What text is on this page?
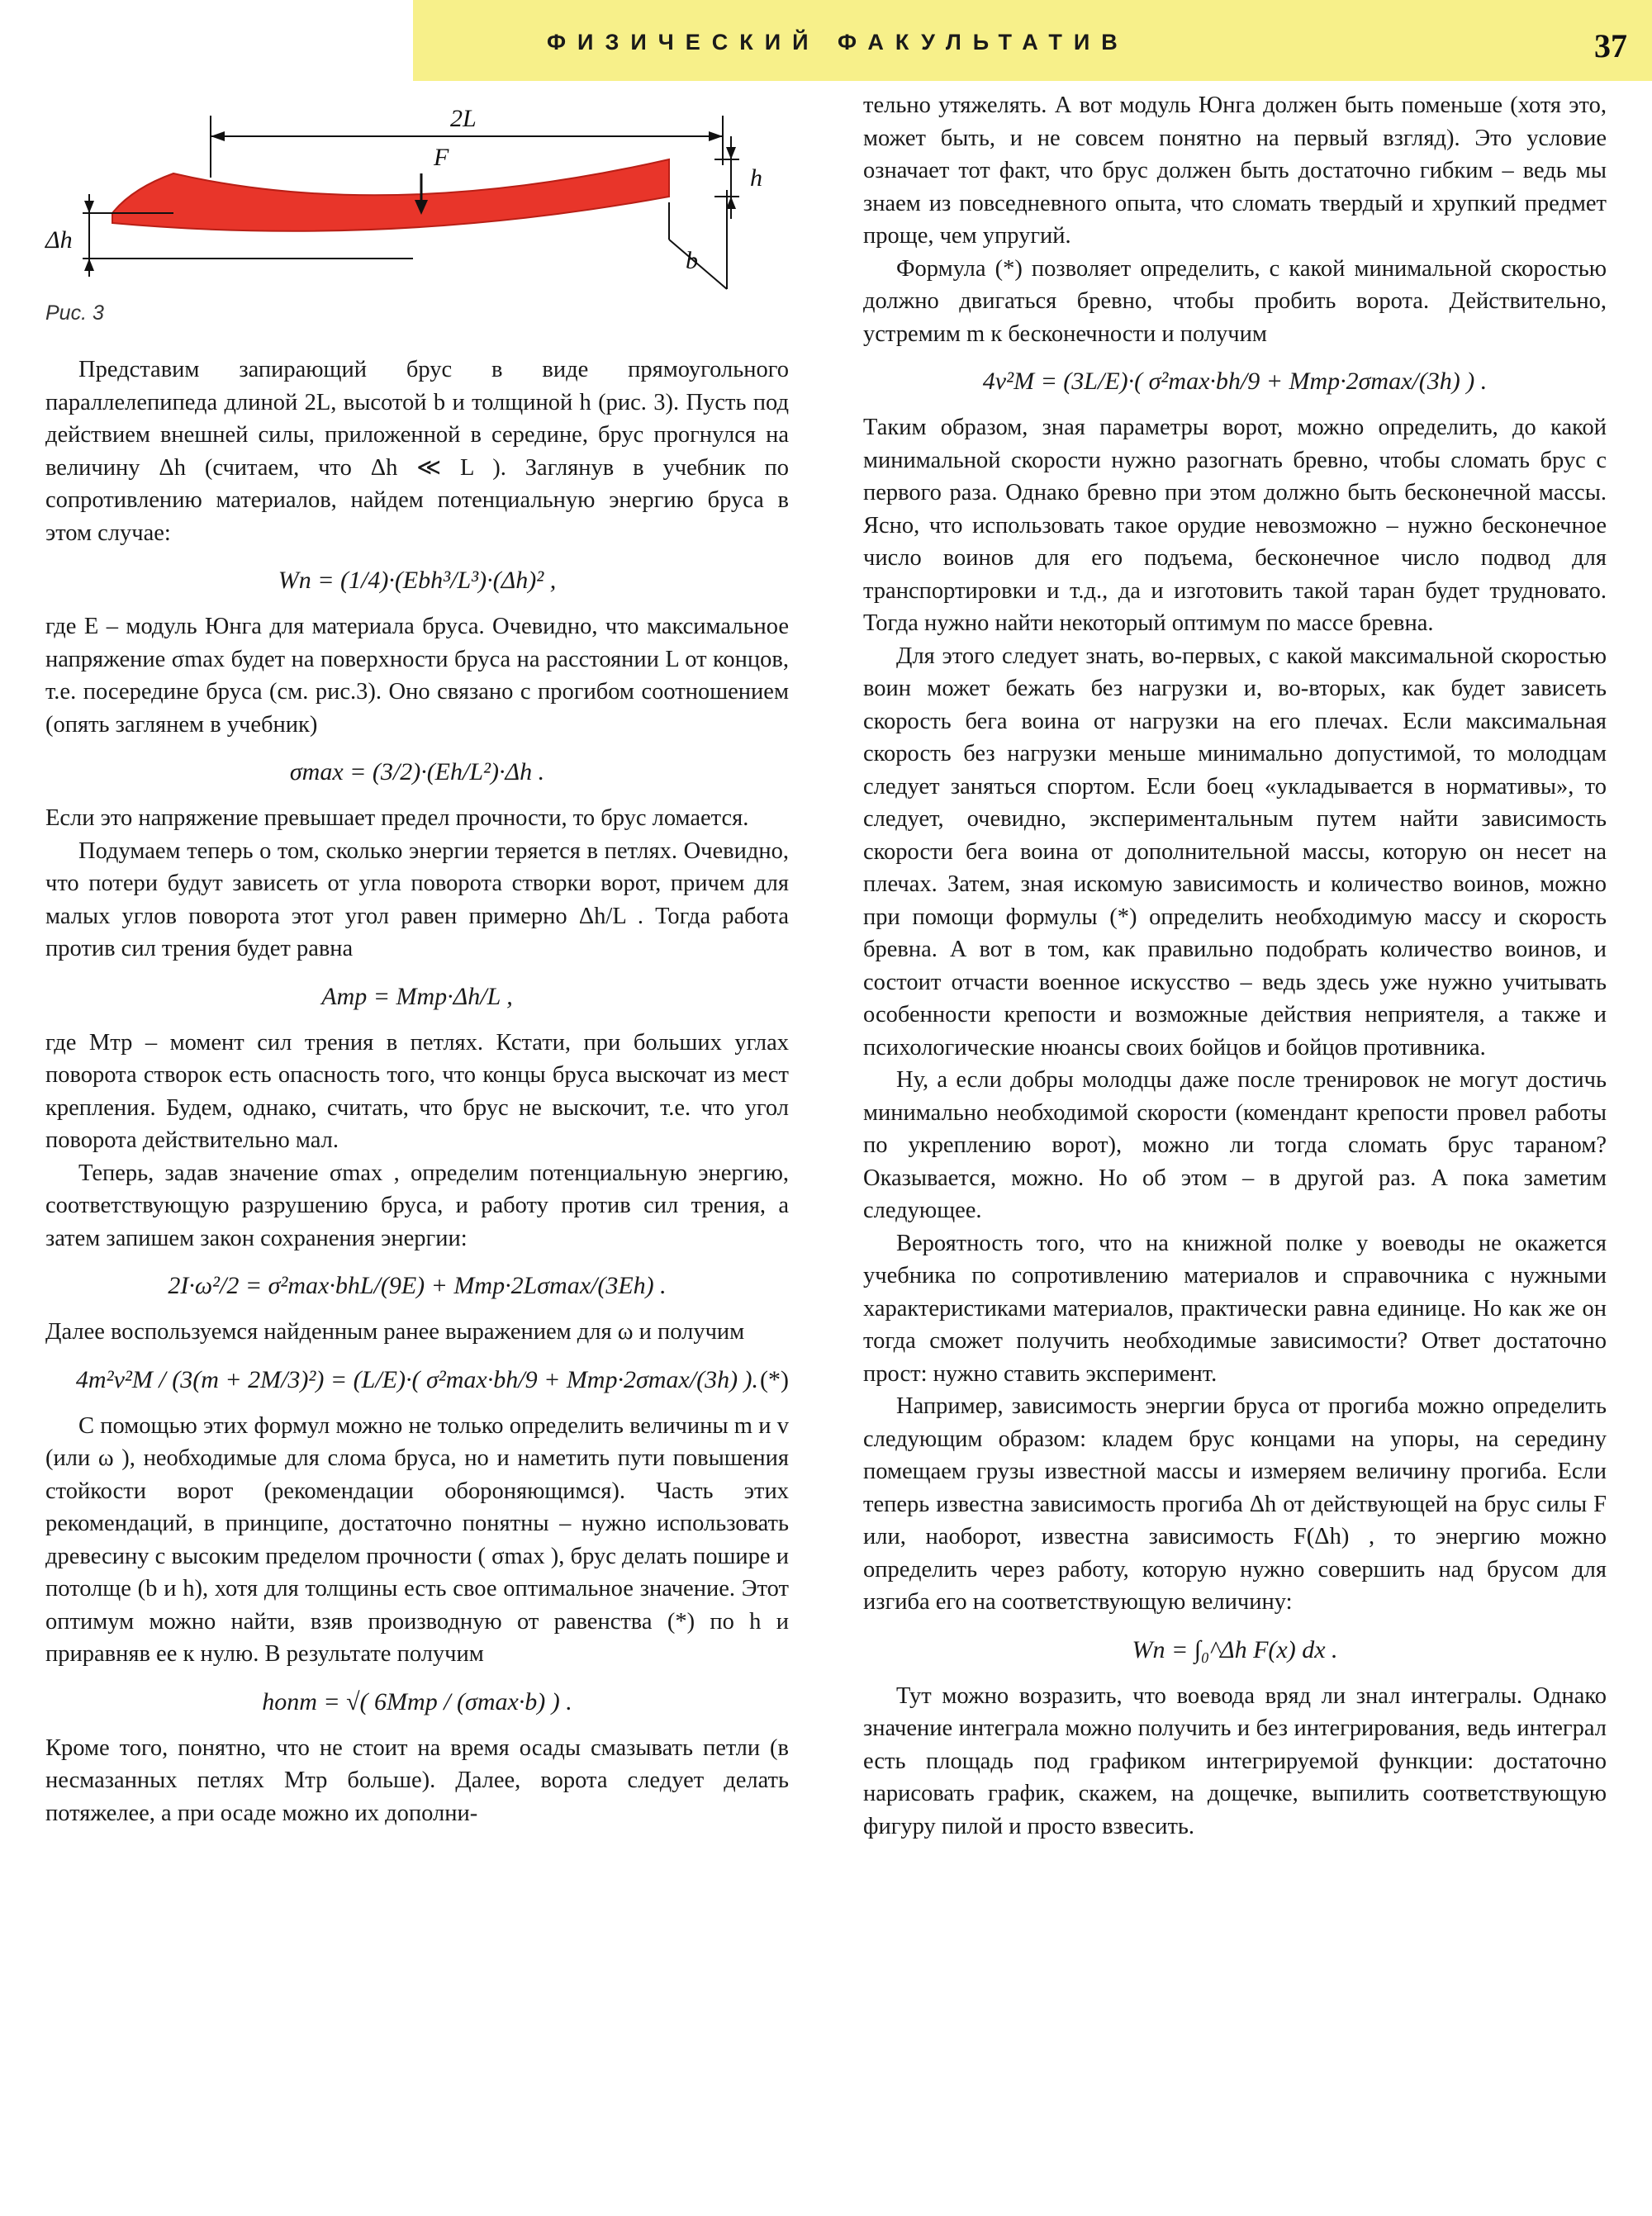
ФИЗИЧЕСКИЙ ФАКУЛЬТАТИВ	37
2L
F
h
b
Δh
Рис. 3

Представим запирающий брус в виде прямоугольного параллелепипеда длиной 2L, высотой b и толщиной h (рис. 3). Пусть под действием внешней силы, приложенной в середине, брус прогнулся на величину Δh (считаем, что Δh ≪ L ). Заглянув в учебник по сопротивлению материалов, найдем потенциальную энергию бруса в этом случае:

Wп = (1/4)·(Ebh³/L³)·(Δh)² ,

где E – модуль Юнга для материала бруса. Очевидно, что максимальное напряжение σmax будет на поверхности бруса на расстоянии L от концов, т.е. посередине бруса (см. рис.3). Оно связано с прогибом соотношением (опять заглянем в учебник)

σmax = (3/2)·(Eh/L²)·Δh .

Если это напряжение превышает предел прочности, то брус ломается.

Подумаем теперь о том, сколько энергии теряется в петлях. Очевидно, что потери будут зависеть от угла поворота створки ворот, причем для малых углов поворота этот угол равен примерно Δh/L . Тогда работа против сил трения будет равна

Aтр = Mтр·Δh/L ,

где Mтр – момент сил трения в петлях. Кстати, при больших углах поворота створок есть опасность того, что концы бруса выскочат из мест крепления. Будем, однако, считать, что брус не выскочит, т.е. что угол поворота действительно мал.

Теперь, задав значение σmax , определим потенциальную энергию, соответствующую разрушению бруса, и работу против сил трения, а затем запишем закон сохранения энергии:

2I·ω²/2 = σ²max·bhL/(9E) + Mтр·2Lσmax/(3Eh) .

Далее воспользуемся найденным ранее выражением для ω и получим

4m²v²M / (3(m + 2M/3)²) = (L/E)·( σ²max·bh/9 + Mтр·2σmax/(3h) ). (*)

С помощью этих формул можно не только определить величины m и v (или ω ), необходимые для слома бруса, но и наметить пути повышения стойкости ворот (рекомендации обороняющимся). Часть этих рекомендаций, в принципе, достаточно понятны – нужно использовать древесину с высоким пределом прочности ( σmax ), брус делать пошире и потолще (b и h), хотя для толщины есть свое оптимальное значение. Этот оптимум можно найти, взяв производную от равенства (*) по h и приравняв ее к нулю. В результате получим

hопт = √( 6Mтр / (σmax·b) ) .

Кроме того, понятно, что не стоит на время осады смазывать петли (в несмазанных петлях Mтр больше). Далее, ворота следует делать потяжелее, а при осаде можно их дополни-

тельно утяжелять. А вот модуль Юнга должен быть поменьше (хотя это, может быть, и не совсем понятно на первый взгляд). Это условие означает тот факт, что брус должен быть достаточно гибким – ведь мы знаем из повседневного опыта, что сломать твердый и хрупкий предмет проще, чем упругий.

Формула (*) позволяет определить, с какой минимальной скоростью должно двигаться бревно, чтобы пробить ворота. Действительно, устремим m к бесконечности и получим

4v²M = (3L/E)·( σ²max·bh/9 + Mтр·2σmax/(3h) ) .

Таким образом, зная параметры ворот, можно определить, до какой минимальной скорости нужно разогнать бревно, чтобы сломать брус с первого раза. Однако бревно при этом должно быть бесконечной массы. Ясно, что использовать такое орудие невозможно – нужно бесконечное число воинов для его подъема, бесконечное число подвод для транспортировки и т.д., да и изготовить такой таран будет трудновато. Тогда нужно найти некоторый оптимум по массе бревна.

Для этого следует знать, во-первых, с какой максимальной скоростью воин может бежать без нагрузки и, во-вторых, как будет зависеть скорость бега воина от нагрузки на его плечах. Если максимальная скорость без нагрузки меньше минимально допустимой, то молодцам следует заняться спортом. Если боец «укладывается в нормативы», то следует, очевидно, экспериментальным путем найти зависимость скорости бега воина от дополнительной массы, которую он несет на плечах. Затем, зная искомую зависимость и количество воинов, можно при помощи формулы (*) определить необходимую массу и скорость бревна. А вот в том, как правильно подобрать количество воинов, и состоит отчасти военное искусство – ведь здесь уже нужно учитывать особенности крепости и возможные действия неприятеля, а также и психологические нюансы своих бойцов и бойцов противника.

Ну, а если добры молодцы даже после тренировок не могут достичь минимально необходимой скорости (комендант крепости провел работы по укреплению ворот), можно ли тогда сломать брус тараном? Оказывается, можно. Но об этом – в другой раз. А пока заметим следующее.

Вероятность того, что на книжной полке у воеводы не окажется учебника по сопротивлению материалов и справочника с нужными характеристиками материалов, практически равна единице. Но как же он тогда сможет получить необходимые зависимости? Ответ достаточно прост: нужно ставить эксперимент.

Например, зависимость энергии бруса от прогиба можно определить следующим образом: кладем брус концами на упоры, на середину помещаем грузы известной массы и измеряем величину прогиба. Если теперь известна зависимость прогиба Δh от действующей на брус силы F или, наоборот, известна зависимость F(Δh) , то энергию можно определить через работу, которую нужно совершить над брусом для изгиба его на соответствующую величину:

Wп = ∫₀^Δh F(x) dx .

Тут можно возразить, что воевода вряд ли знал интегралы. Однако значение интеграла можно получить и без интегрирования, ведь интеграл есть площадь под графиком интегрируемой функции: достаточно нарисовать график, скажем, на дощечке, выпилить соответствующую фигуру пилой и просто взвесить.
